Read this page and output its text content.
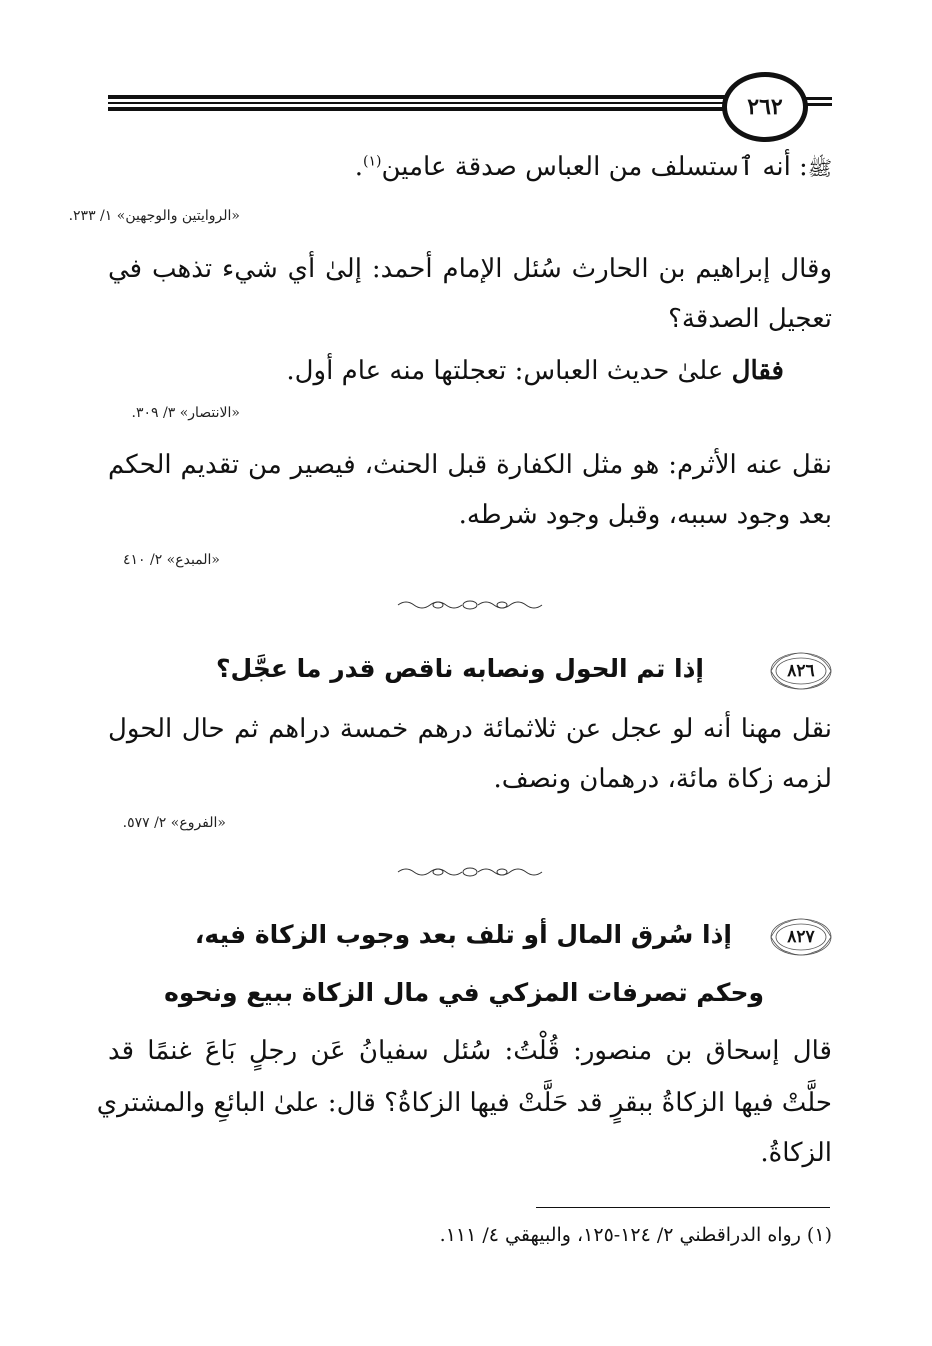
٢٦٢
ﷺ: أنه ٱستسلف من العباس صدقة عامين$^{(١)}$.
«الروايتين والوجهين» ١/ ٢٣٣.
وقال إبراهيم بن الحارث سُئل الإمام أحمد: إلىٰ أي شيء تذهب في
تعجيل الصدقة؟
فقال علىٰ حديث العباس: تعجلتها منه عام أول.
«الانتصار» ٣/ ٣٠٩.
نقل عنه الأثرم: هو مثل الكفارة قبل الحنث، فيصير من تقديم الحكم
بعد وجود سببه، وقبل وجود شرطه.
«المبدع» ٢/ ٤١٠
٨٢٦
إذا تم الحول ونصابه ناقص قدر ما عجَّل؟
نقل مهنا أنه لو عجل عن ثلاثمائة درهم خمسة دراهم ثم حال الحول
لزمه زكاة مائة، درهمان ونصف.
«الفروع» ٢/ ٥٧٧.
٨٢٧
إذا سُرق المال أو تلف بعد وجوب الزكاة فيه،
وحكم تصرفات المزكي في مال الزكاة ببيع ونحوه
قال إسحاق بن منصور: قُلْتُ: سُئل سفيانُ عَن رجلٍ بَاعَ غنمًا قد
حلَّتْ فيها الزكاةُ ببقرٍ قد حَلَّتْ فيها الزكاةُ؟ قال: علىٰ البائعِ والمشتري
الزكاةُ.
(١) رواه الدراقطني ٢/ ١٢٤-١٢٥، والبيهقي ٤/ ١١١.
